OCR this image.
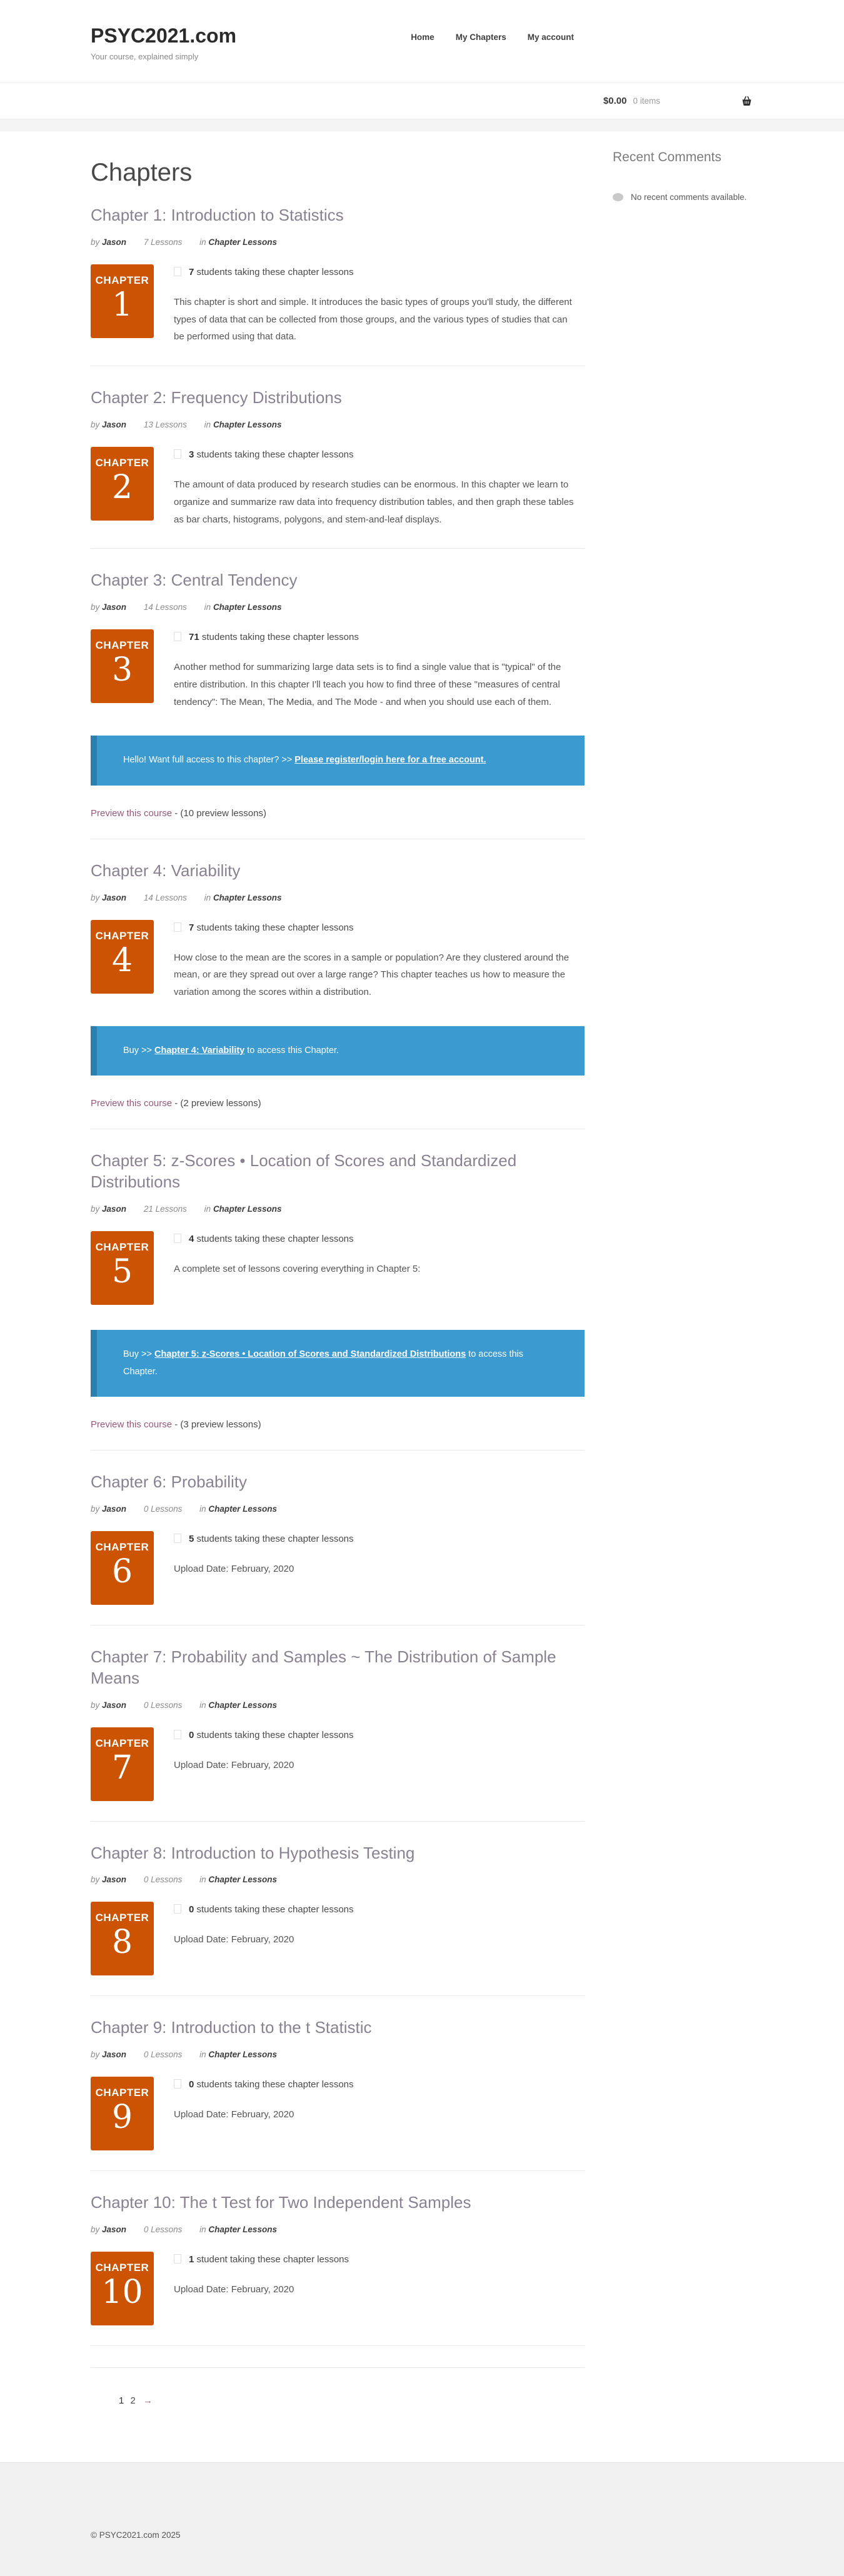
PSYC2021.com
Your course, explained simply
Home	My Chapters	My account
$0.00 0 items
Chapters
Chapter 1: Introduction to Statistics
by Jason 7 Lessons in Chapter Lessons
CHAPTER
1
7 students taking these chapter lessons

This chapter is short and simple. It introduces the basic types of groups you'll study, the different types of data that can be collected from those groups, and the various types of studies that can be performed using that data.

Chapter 2: Frequency Distributions
by Jason 13 Lessons in Chapter Lessons
CHAPTER
2
3 students taking these chapter lessons

The amount of data produced by research studies can be enormous. In this chapter we learn to organize and summarize raw data into frequency distribution tables, and then graph these tables as bar charts, histograms, polygons, and stem-and-leaf displays.

Chapter 3: Central Tendency
by Jason 14 Lessons in Chapter Lessons
CHAPTER
3
71 students taking these chapter lessons

Another method for summarizing large data sets is to find a single value that is "typical" of the entire distribution. In this chapter I'll teach you how to find three of these "measures of central tendency": The Mean, The Media, and The Mode - and when you should use each of them.

Hello! Want full access to this chapter? >> Please register/login here for a free account.
Preview this course - (10 preview lessons)
Chapter 4: Variability
by Jason 14 Lessons in Chapter Lessons
CHAPTER
4
7 students taking these chapter lessons

How close to the mean are the scores in a sample or population? Are they clustered around the mean, or are they spread out over a large range? This chapter teaches us how to measure the variation among the scores within a distribution.

Buy >> Chapter 4: Variability to access this Chapter.
Preview this course - (2 preview lessons)
Chapter 5: z-Scores • Location of Scores and Standardized Distributions
by Jason 21 Lessons in Chapter Lessons
CHAPTER
5
4 students taking these chapter lessons

A complete set of lessons covering everything in Chapter 5:

Buy >> Chapter 5: z-Scores • Location of Scores and Standardized Distributions to access this Chapter.
Preview this course - (3 preview lessons)
Chapter 6: Probability
by Jason 0 Lessons in Chapter Lessons
CHAPTER
6
5 students taking these chapter lessons

Upload Date: February, 2020

Chapter 7: Probability and Samples ~ The Distribution of Sample Means
by Jason 0 Lessons in Chapter Lessons
CHAPTER
7
0 students taking these chapter lessons

Upload Date: February, 2020

Chapter 8: Introduction to Hypothesis Testing
by Jason 0 Lessons in Chapter Lessons
CHAPTER
8
0 students taking these chapter lessons

Upload Date: February, 2020

Chapter 9: Introduction to the t Statistic
by Jason 0 Lessons in Chapter Lessons
CHAPTER
9
0 students taking these chapter lessons

Upload Date: February, 2020

Chapter 10: The t Test for Two Independent Samples
by Jason 0 Lessons in Chapter Lessons
CHAPTER
10
1 student taking these chapter lessons

Upload Date: February, 2020

1 2 →
Recent Comments
No recent comments available.
© PSYC2021.com 2025
